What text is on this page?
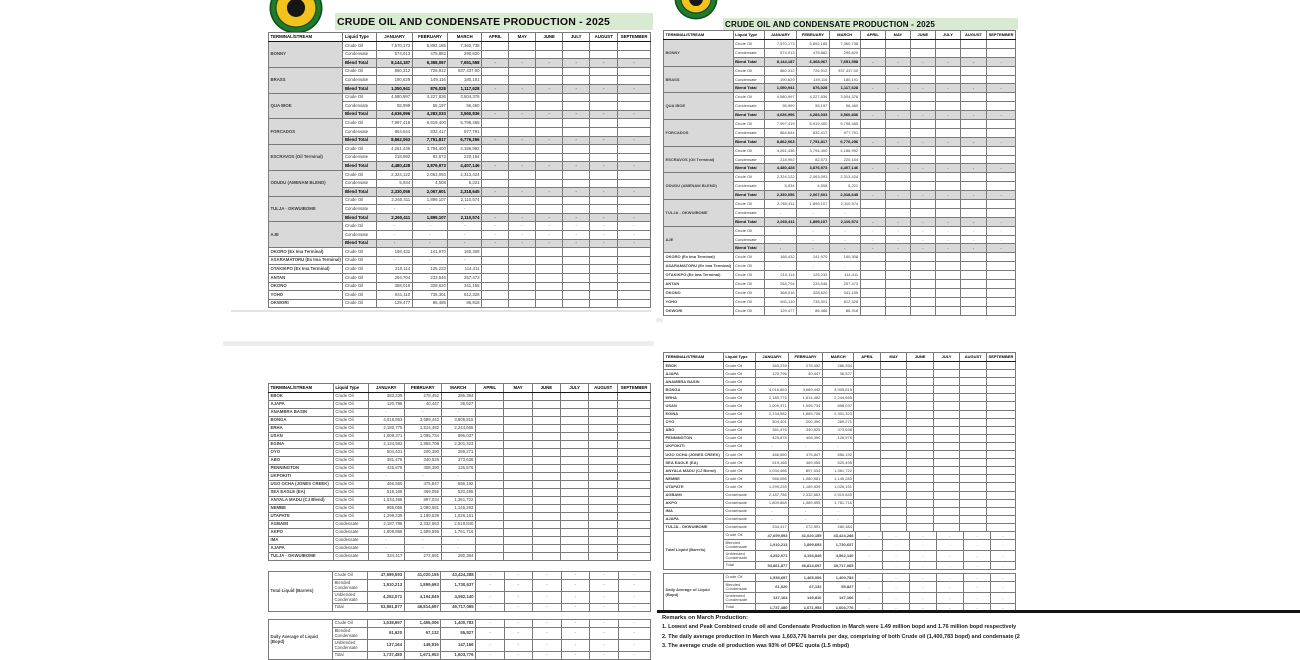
CRUDE OIL AND CONDENSATE PRODUCTION - 2025
TERMINAL/STREAM	Liquid Type	JANUARY	FEBRUARY	MARCH	APRIL	MAY	JUNE	JULY	AUGUST	SEPTEMBER
BONNY	Crude Oil	7,570,173	5,892,185	7,360,738						
	Condensate	574,013	475,882	290,820						
	Blend Total	8,144,187	6,368,067	7,651,558	-	-	-	-	-	-
BRASS	Crude Oil	860,312	726,912	937,437.00						
	Condensate	190,629	149,116	180,191						
	Blend Total	1,050,941	876,028	1,117,628	-	-	-	-	-	-
QUA IBOE	Crude Oil	4,580,997	4,227,836	3,504,376						
	Condensate	55,999	55,197	56,460						
	Blend Total	4,636,996	4,283,033	3,560,836	-	-	-	-	-	-
FORCADOS	Crude Oil	7,997,419	6,919,400	5,798,465						
	Condensate	864,644	832,417	977,791						
	Blend Total	8,862,063	7,751,817	6,776,256	-	-	-	-	-	-
ESCRAVOS (Oil Terminal)	Crude Oil	4,261,436	3,794,400	4,186,992						
	Condensate	218,992	82,573	220,154						
	Blend Total	4,480,428	3,876,973	4,407,146	-	-	-	-	-	-
ODUDU (AMENAM BLEND)	Crude Oil	2,324,122	2,063,093	2,313,424						
	Condensate	5,934	4,508	5,221						
	Blend Total	2,330,056	2,067,601	2,318,645	-	-	-	-	-	-
TULJA - OKWUIBOME	Crude Oil	2,260,411	1,899,107	2,110,574						
	Condensate	-	-	-						
	Blend Total	2,260,411	1,899,107	2,110,574	-	-	-	-	-	-
AJE	Crude Oil	-	-	-	-	-	-	-	-	-
	Condensate	-	-	-	-	-	-	-	-	-
	Blend Total	-	-	-	-	-	-	-	-	-
OKORO (Ex Ima Terminal)	Crude Oil	168,432	141,970	160,308						
ASARAMATORU (Ex Ima Terminal)	Crude Oil	-	-	-						
OTAKIKPO (Ex Ima Terminal)	Crude Oil	210,114	125,233	114,411						
ANTAN	Crude Oil	264,704	233,546	257,473						
OKONO	Crude Oil	368,016	328,620	341,155						
YOHO	Crude Oil	841,110	735,301	812,328						
OKWORI	Crude Oil	129,477	86,486	86,918						
TERMINAL/STREAM	Liquid Type	JANUARY	FEBRUARY	MARCH	APRIL	MAY	JUNE	JULY	AUGUST	SEPTEMBER
EBOK	Crude Oil	383,239	278,452	286,394						
AJAPA	Crude Oil	120,796	40,447	36,527						
ANAMBRA BASIN	Crude Oil	-	-	-						
BONGA	Crude Oil	4,016,863	3,689,442	3,905,815						
ERHA	Crude Oil	2,180,775	1,814,482	2,244,665						
USAN	Crude Oil	1,009,371	1,095,734	896,037						
EGINA	Crude Oil	2,134,582	1,865,708	2,301,323						
OYO	Crude Oil	504,401	200,390	269,271						
ABO	Crude Oil	381,476	340,525	373,638						
PENNINGTON	Crude Oil	425,878	408,390	126,576						
UKPOKITI	Crude Oil	-	-	-						
UGO OCHA (JONES CREEK)	Crude Oil	466,560	475,847	656,192						
SEA EAGLE (EA)	Crude Oil	519,168	469,055	520,495						
ANYALA MADU (CJ Blend)	Crude Oil	1,034,466	897,034	1,361,722						
NEMBE	Crude Oil	966,056	1,080,581	1,145,283						
UTAPATE	Crude Oil	1,299,239	1,189,539	1,026,151						
AGBAMI	Condensate	2,187,786	2,332,663	2,519,840						
AKPO	Condensate	1,809,868	1,589,595	1,761,716						
IMA	Condensate	-	-	-						
AJAPA	Condensate	-	-	-						
TULJA - OKWUIBOME	Condensate	334,417	272,591	280,384						
Total Liquid (Barrels)	Crude Oil	47,699,593	41,020,155	43,424,288	-	-	-	-	-	-
	Blended Condensate	1,910,213	1,899,693	1,730,637	-	-	-	-	-	-
	Unblended Condensate	4,252,071	4,194,849	4,562,140	-	-	-	-	-	-
	Total	53,861,877	46,814,697	49,717,065	-	-	-	-	-	-
Daily Average of Liquid (Bopd)	Crude Oil	1,538,697	1,465,006	1,400,783	-	-	-	-	-	-
	Blended Condensate	61,620	67,132	55,827	-	-	-	-	-	-
	Unblended Condensate	137,164	149,816	147,166	-	-	-	-	-	-
	Total	1,737,480	1,671,953	1,603,776	-	-	-	-	-	-
CRUDE OIL AND CONDENSATE PRODUCTION - 2025
TERMINAL/STREAM	Liquid Type	JANUARY	FEBRUARY	MARCH	APRIL	MAY	JUNE	JULY	AUGUST	SEPTEMBER
BONNY	Crude Oil	7,570,173	5,892,185	7,360,738						
	Condensate	574,013	475,882	290,820						
	Blend Total	8,144,187	6,368,067	7,651,558	-	-	-	-	-	-
BRASS	Crude Oil	860,312	726,912	937,437.00						
	Condensate	190,629	149,116	180,191						
	Blend Total	1,050,941	876,028	1,117,628	-	-	-	-	-	-
QUA IBOE	Crude Oil	4,580,997	4,227,836	3,504,376						
	Condensate	55,999	55,197	56,460						
	Blend Total	4,636,996	4,283,033	3,560,836	-	-	-	-	-	-
FORCADOS	Crude Oil	7,997,419	6,919,400	5,798,465						
	Condensate	864,644	832,417	977,791						
	Blend Total	8,862,063	7,751,817	6,776,256	-	-	-	-	-	-
ESCRAVOS (Oil Terminal)	Crude Oil	4,261,436	3,794,400	4,186,992						
	Condensate	218,992	82,573	220,154						
	Blend Total	4,480,428	3,876,973	4,407,146	-	-	-	-	-	-
ODUDU (AMENAM BLEND)	Crude Oil	2,324,122	2,063,093	2,313,424						
	Condensate	5,934	4,508	5,221						
	Blend Total	2,330,056	2,067,601	2,318,645	-	-	-	-	-	-
TULJA - OKWUIBOME	Crude Oil	2,260,411	1,899,107	2,110,574						
	Condensate	-	-	-						
	Blend Total	2,260,411	1,899,107	2,110,574	-	-	-	-	-	-
AJE	Crude Oil	-	-	-	-	-	-	-	-	-
	Condensate	-	-	-	-	-	-	-	-	-
	Blend Total	-	-	-	-	-	-	-	-	-
OKORO (Ex Ima Terminal)	Crude Oil	168,432	141,970	160,308						
ASARAMATORU (Ex Ima Terminal)	Crude Oil	-	-	-						
OTAKIKPO (Ex Ima Terminal)	Crude Oil	210,114	125,233	114,411						
ANTAN	Crude Oil	264,704	233,546	257,473						
OKONO	Crude Oil	368,016	328,620	341,155						
YOHO	Crude Oil	841,110	735,301	812,328						
OKWORI	Crude Oil	129,477	86,486	86,918						
TERMINAL/STREAM	Liquid Type	JANUARY	FEBRUARY	MARCH	APRIL	MAY	JUNE	JULY	AUGUST	SEPTEMBER
EBOK	Crude Oil	383,239	278,452	286,394						
AJAPA	Crude Oil	120,796	40,447	36,527						
ANAMBRA BASIN	Crude Oil	-	-	-						
BONGA	Crude Oil	4,016,863	3,689,442	3,905,815						
ERHA	Crude Oil	2,180,775	1,814,482	2,244,665						
USAN	Crude Oil	1,009,371	1,095,734	896,037						
EGINA	Crude Oil	2,134,582	1,865,708	2,301,323						
OYO	Crude Oil	504,401	200,390	269,271						
ABO	Crude Oil	381,476	340,525	373,638						
PENNINGTON	Crude Oil	425,878	408,390	126,576						
UKPOKITI	Crude Oil	-	-	-						
UGO OCHA (JONES CREEK)	Crude Oil	466,560	475,847	656,192						
SEA EAGLE (EA)	Crude Oil	519,168	469,055	520,495						
ANYALA MADU (CJ Blend)	Crude Oil	1,034,466	897,034	1,361,722						
NEMBE	Crude Oil	966,056	1,080,581	1,145,283						
UTAPATE	Crude Oil	1,299,239	1,189,539	1,026,151						
AGBAMI	Condensate	2,187,786	2,332,663	2,519,840						
AKPO	Condensate	1,809,868	1,589,595	1,761,716						
IMA	Condensate	-	-	-						
AJAPA	Condensate	-	-	-						
TULJA - OKWUIBOME	Condensate	334,417	272,591	280,384						
Total Liquid (Barrels)	Crude Oil	47,699,593	41,020,155	43,424,288	-	-	-	-	-	-
	Blended Condensate	1,910,213	1,899,693	1,730,637	-	-	-	-	-	-
	Unblended Condensate	4,252,071	4,194,849	4,562,140	-	-	-	-	-	-
	Total	53,861,877	46,814,697	49,717,065	-	-	-	-	-	-
Daily Average of Liquid (Bopd)	Crude Oil	1,538,697	1,465,006	1,400,783	-	-	-	-	-	-
	Blended Condensate	61,620	67,132	55,827	-	-	-	-	-	-
	Unblended Condensate	137,164	149,816	147,166	-	-	-	-	-	-
	Total	1,737,480	1,671,953	1,603,776	-	-	-	-	-	-
Remarks on March Production:
1. Lowest and Peak Combined crude oil and Condensate Production in March were 1.49 million bopd and 1.76 million bopd respectively
2. The daily average production in March was 1,603,776 barrels per day, comprising of both Crude oil (1,400,783 bopd) and condensate (2
3. The average crude oil production was 93% of OPEC quota (1.5 mbpd)
